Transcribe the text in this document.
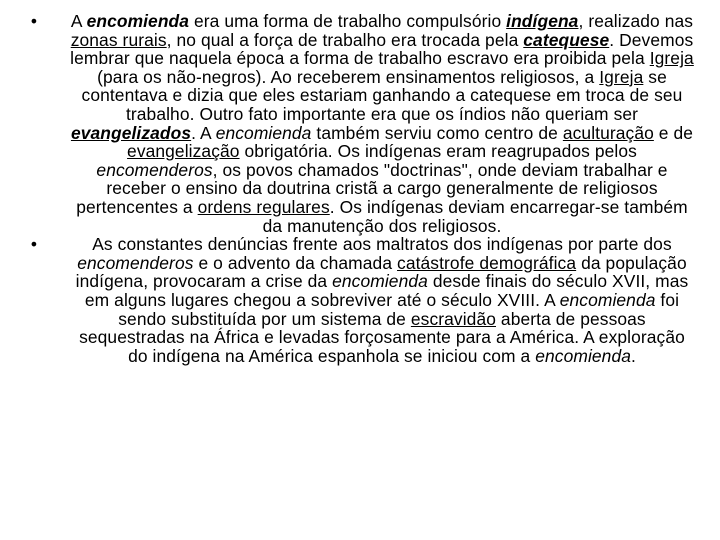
• A encomienda era uma forma de trabalho compulsório indígena, realizado nas zonas rurais, no qual a força de trabalho era trocada pela catequese. Devemos lembrar que naquela época a forma de trabalho escravo era proibida pela Igreja (para os não-negros). Ao receberem ensinamentos religiosos, a Igreja se contentava e dizia que eles estariam ganhando a catequese em troca de seu trabalho. Outro fato importante era que os índios não queriam ser evangelizados. A encomienda também serviu como centro de aculturação e de evangelização obrigatória. Os indígenas eram reagrupados pelos encomenderos, os povos chamados "doctrinas", onde deviam trabalhar e receber o ensino da doutrina cristã a cargo generalmente de religiosos pertencentes a ordens regulares. Os indígenas deviam encarregar-se também da manutenção dos religiosos.
•	As constantes denúncias frente aos maltratos dos indígenas por parte dos encomenderos e o advento da chamada catástrofe demográfica da população indígena, provocaram a crise da encomienda desde finais do século XVII, mas em alguns lugares chegou a sobreviver até o século XVIII. A encomienda foi sendo substituída por um sistema de escravidão aberta de pessoas sequestradas na África e levadas forçosamente para a América. A exploração do indígena na América espanhola se iniciou com a encomienda.
